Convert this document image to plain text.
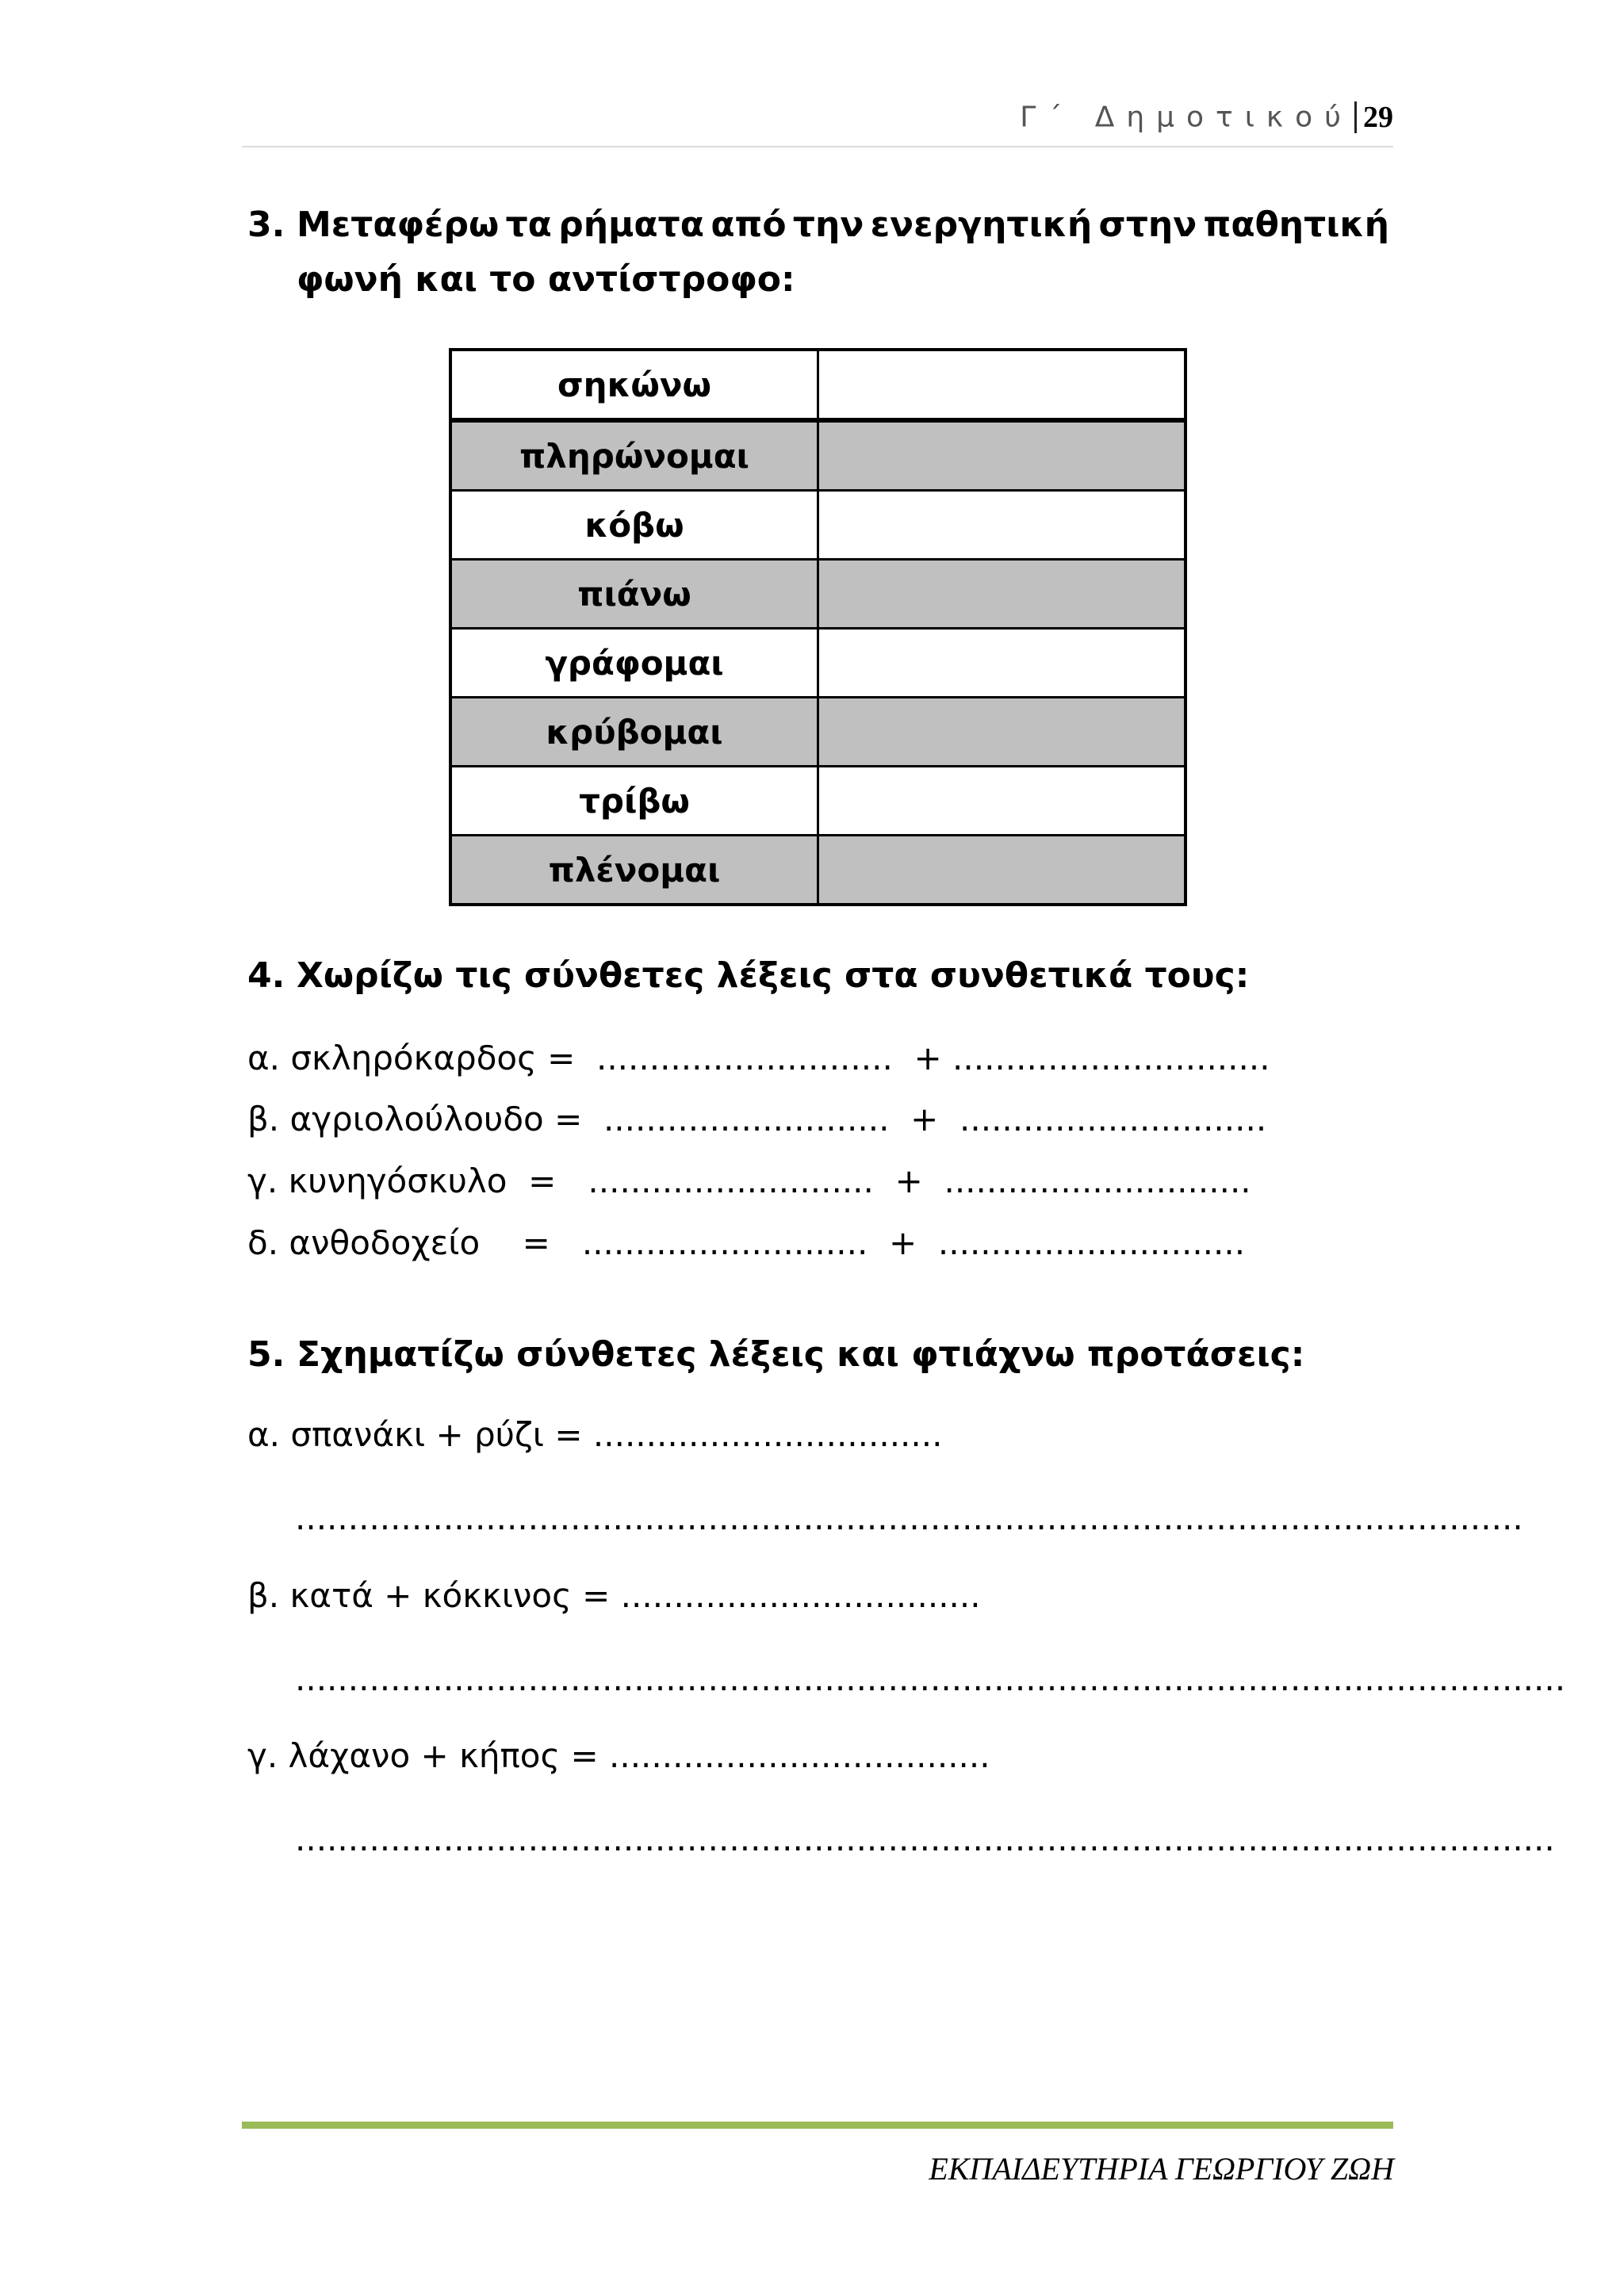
Γ΄ Δημοτικού 29
3. Μεταφέρω τα ρήματα από την ενεργητική στην παθητική
φωνή και το αντίστροφο:
σηκώνω	
πληρώνομαι	
κόβω	
πιάνω	
γράφομαι	
κρύβομαι	
τρίβω	
πλένομαι	
4. Χωρίζω τις σύνθετες λέξεις στα συνθετικά τους:
α. σκληρόκαρδος =  ............................  + ..............................
β. αγριολούλουδο =  ...........................  +  .............................
γ. κυνηγόσκυλο  =   ...........................  +  .............................
δ. ανθοδοχείο    =   ...........................  +  .............................
5. Σχηματίζω σύνθετες λέξεις και φτιάχνω προτάσεις:
α. σπανάκι + ρύζι = .................................
....................................................................................................................
β. κατά + κόκκινος = ..................................
........................................................................................................................
γ. λάχανο + κήπος = ....................................
.......................................................................................................................
ΕΚΠΑΙΔΕΥΤΗΡΙΑ ΓΕΩΡΓΙΟΥ ΖΩΗ
